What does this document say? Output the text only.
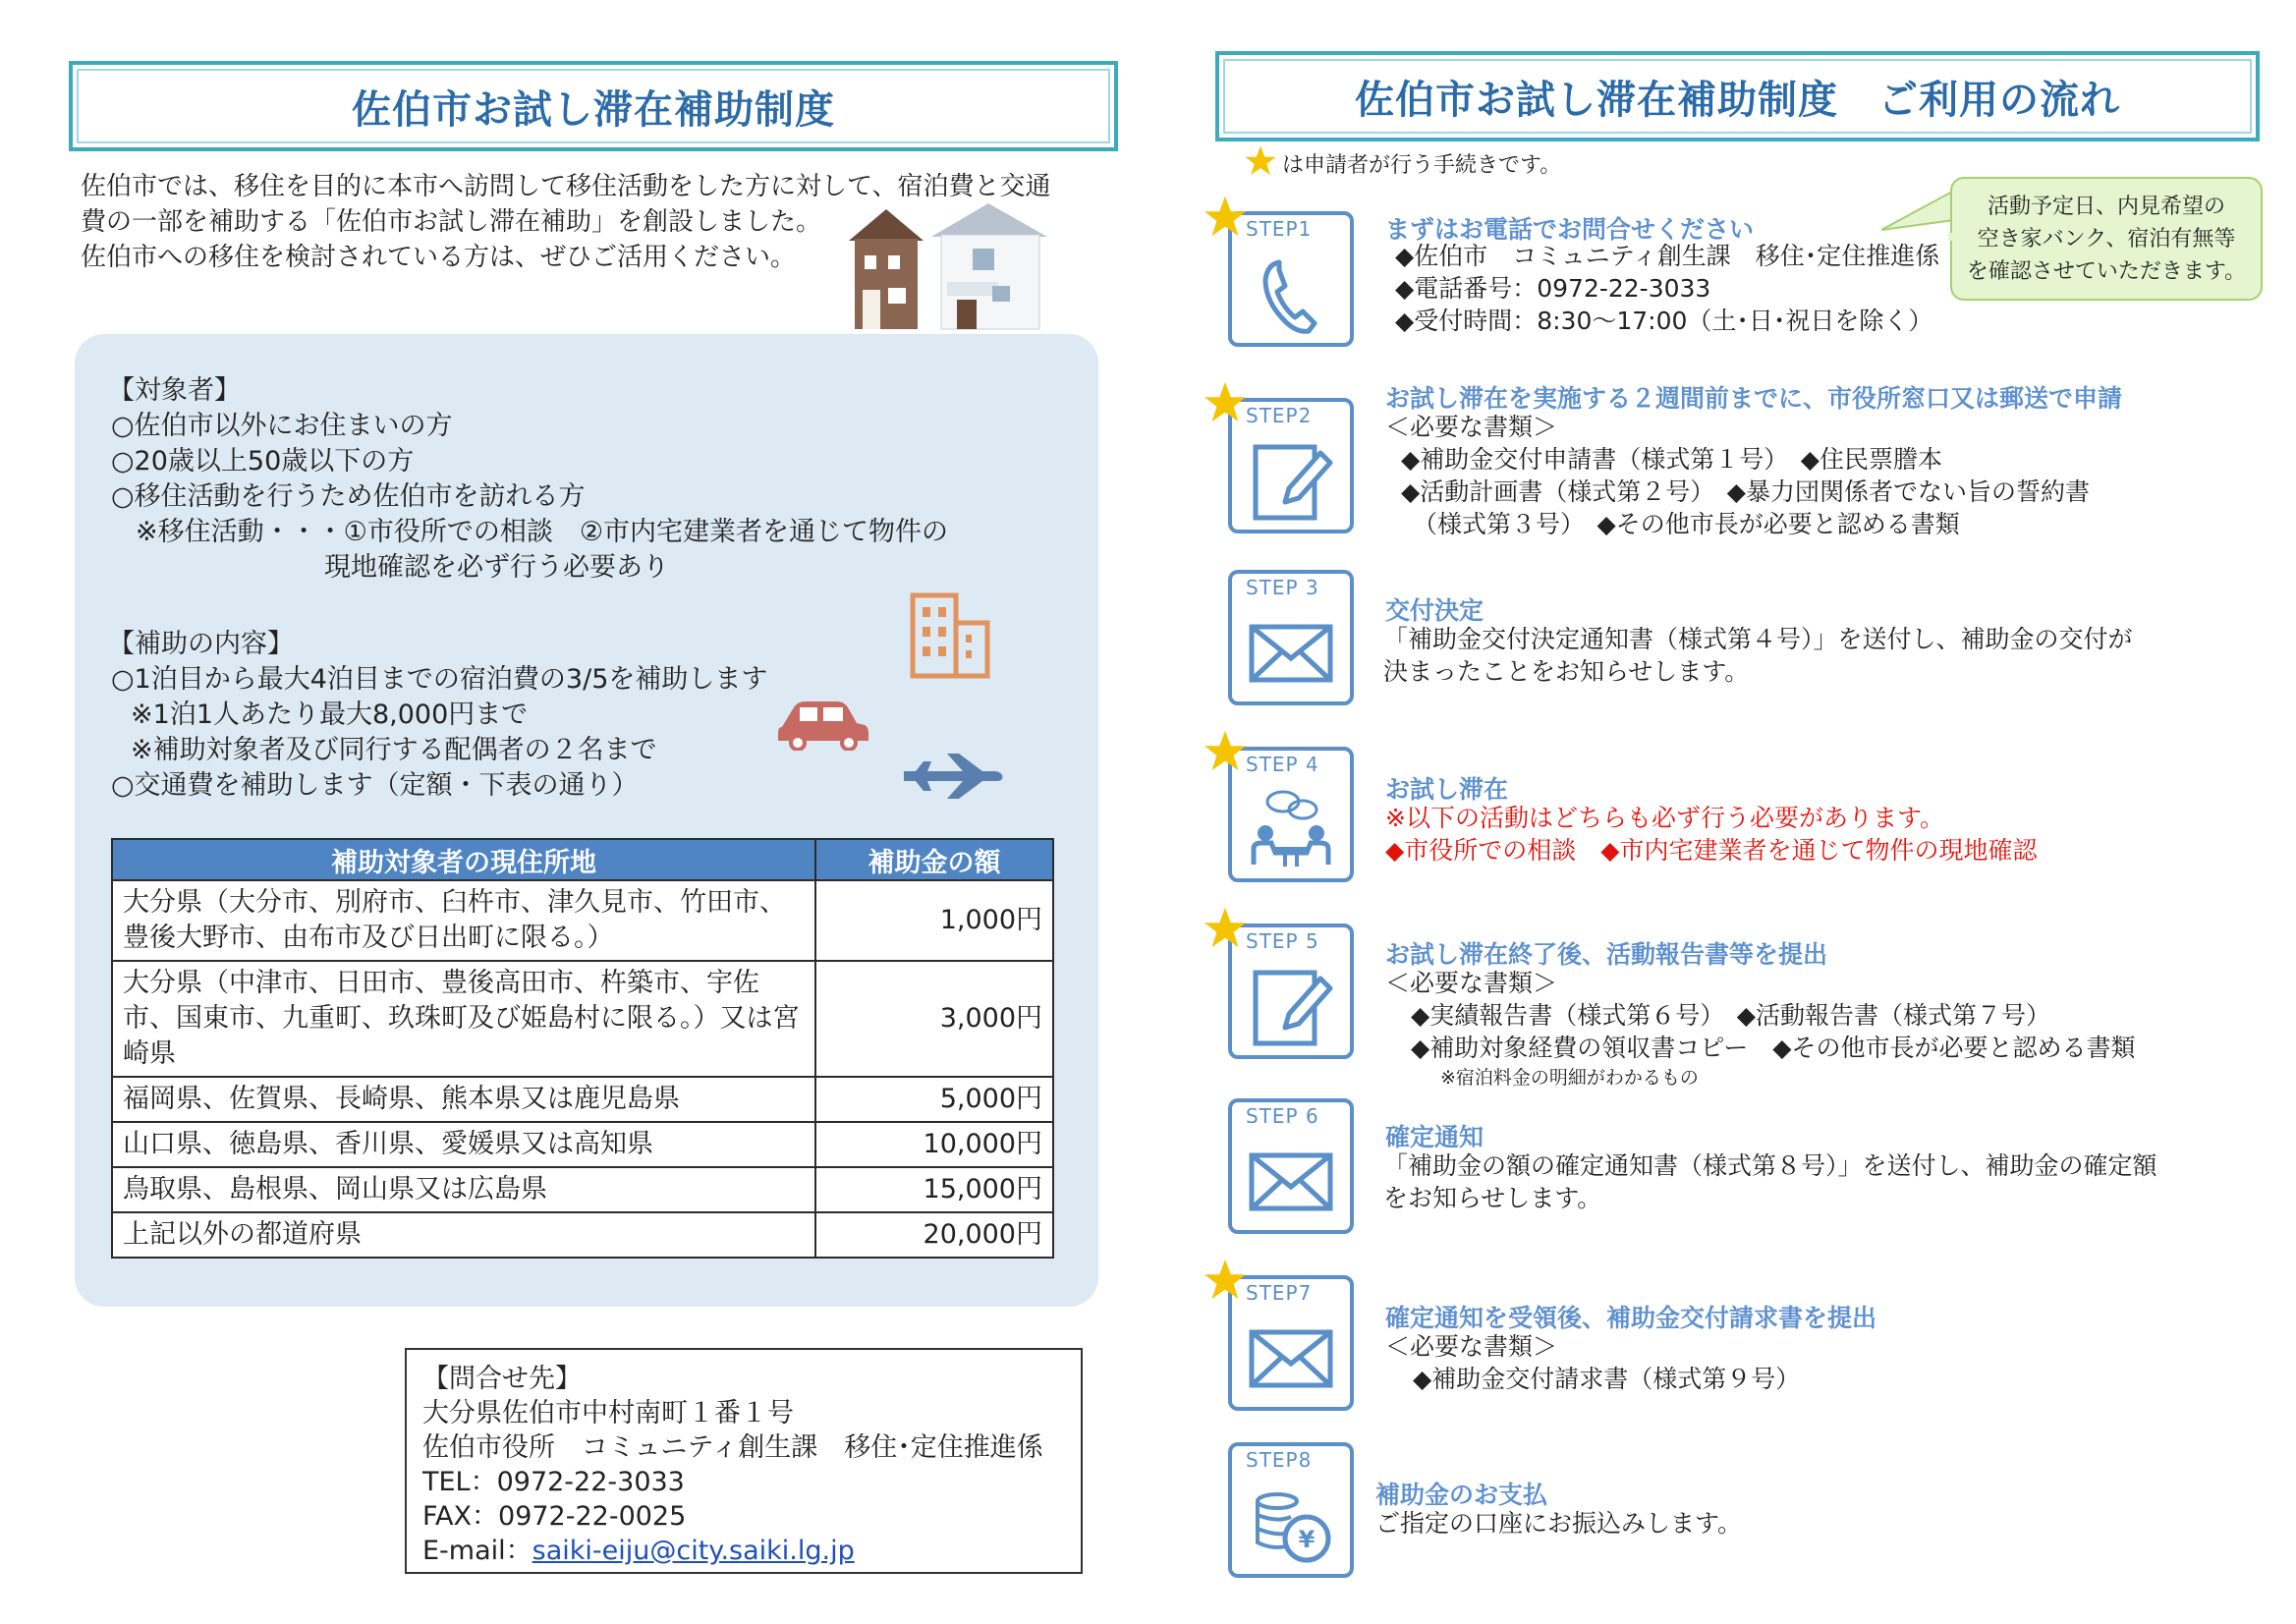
佐伯市お試し滞在補助制度
佐伯市では、移住を目的に本市へ訪問して移住活動をした方に対して、宿泊費と交通
費の一部を補助する「佐伯市お試し滞在補助」を創設しました。
佐伯市への移住を検討されている方は、ぜひご活用ください。
【対象者】
○佐伯市以外にお住まいの方
○20歳以上50歳以下の方
○移住活動を行うため佐伯市を訪れる方
※移住活動・・・①市役所での相談　②市内宅建業者を通じて物件の
現地確認を必ず行う必要あり
【補助の内容】
○1泊目から最大4泊目までの宿泊費の3/5を補助します
※1泊1人あたり最大8,000円まで
※補助対象者及び同行する配偶者の２名まで
○交通費を補助します（定額・下表の通り）
補助対象者の現住所地	補助金の額
大分県（大分市、別府市、臼杵市、津久見市、竹田市、豊後大野市、由布市及び日出町に限る。）	1,000円
大分県（中津市、日田市、豊後高田市、杵築市、宇佐市、国東市、九重町、玖珠町及び姫島村に限る。）又は宮崎県	3,000円
福岡県、佐賀県、長崎県、熊本県又は鹿児島県	5,000円
山口県、徳島県、香川県、愛媛県又は高知県	10,000円
鳥取県、島根県、岡山県又は広島県	15,000円
上記以外の都道府県	20,000円
【問合せ先】
大分県佐伯市中村南町１番１号
佐伯市役所　コミュニティ創生課　移住･定住推進係
TEL：0972-22-3033
FAX：0972-22-0025
E-mail：saiki-eiju@city.saiki.lg.jp
佐伯市お試し滞在補助制度　ご利用の流れ
は申請者が行う手続きです。
活動予定日、内見希望の
空き家バンク、宿泊有無等
を確認させていただきます。
STEP1	まずはお電話でお問合せください
◆佐伯市　コミュニティ創生課　移住･定住推進係
◆電話番号：0972-22-3033
◆受付時間：8:30～17:00（土･日･祝日を除く）
STEP2
お試し滞在を実施する２週間前までに、市役所窓口又は郵送で申請
＜必要な書類＞
◆補助金交付申請書（様式第１号）　◆住民票謄本
◆活動計画書（様式第２号）　◆暴力団関係者でない旨の誓約書
（様式第３号）　◆その他市長が必要と認める書類
STEP 3
交付決定
「補助金交付決定通知書（様式第４号）」を送付し、補助金の交付が
決まったことをお知らせします。
STEP 4
お試し滞在
※以下の活動はどちらも必ず行う必要があります。
◆市役所での相談　◆市内宅建業者を通じて物件の現地確認
STEP 5	お試し滞在終了後、活動報告書等を提出
＜必要な書類＞
◆実績報告書（様式第６号）　◆活動報告書（様式第７号）
◆補助対象経費の領収書コピー　◆その他市長が必要と認める書類
※宿泊料金の明細がわかるもの
STEP 6
確定通知
「補助金の額の確定通知書（様式第８号）」を送付し、補助金の確定額
をお知らせします。
STEP7
確定通知を受領後、補助金交付請求書を提出
＜必要な書類＞
◆補助金交付請求書（様式第９号）
STEP8
¥
補助金のお支払
ご指定の口座にお振込みします。
